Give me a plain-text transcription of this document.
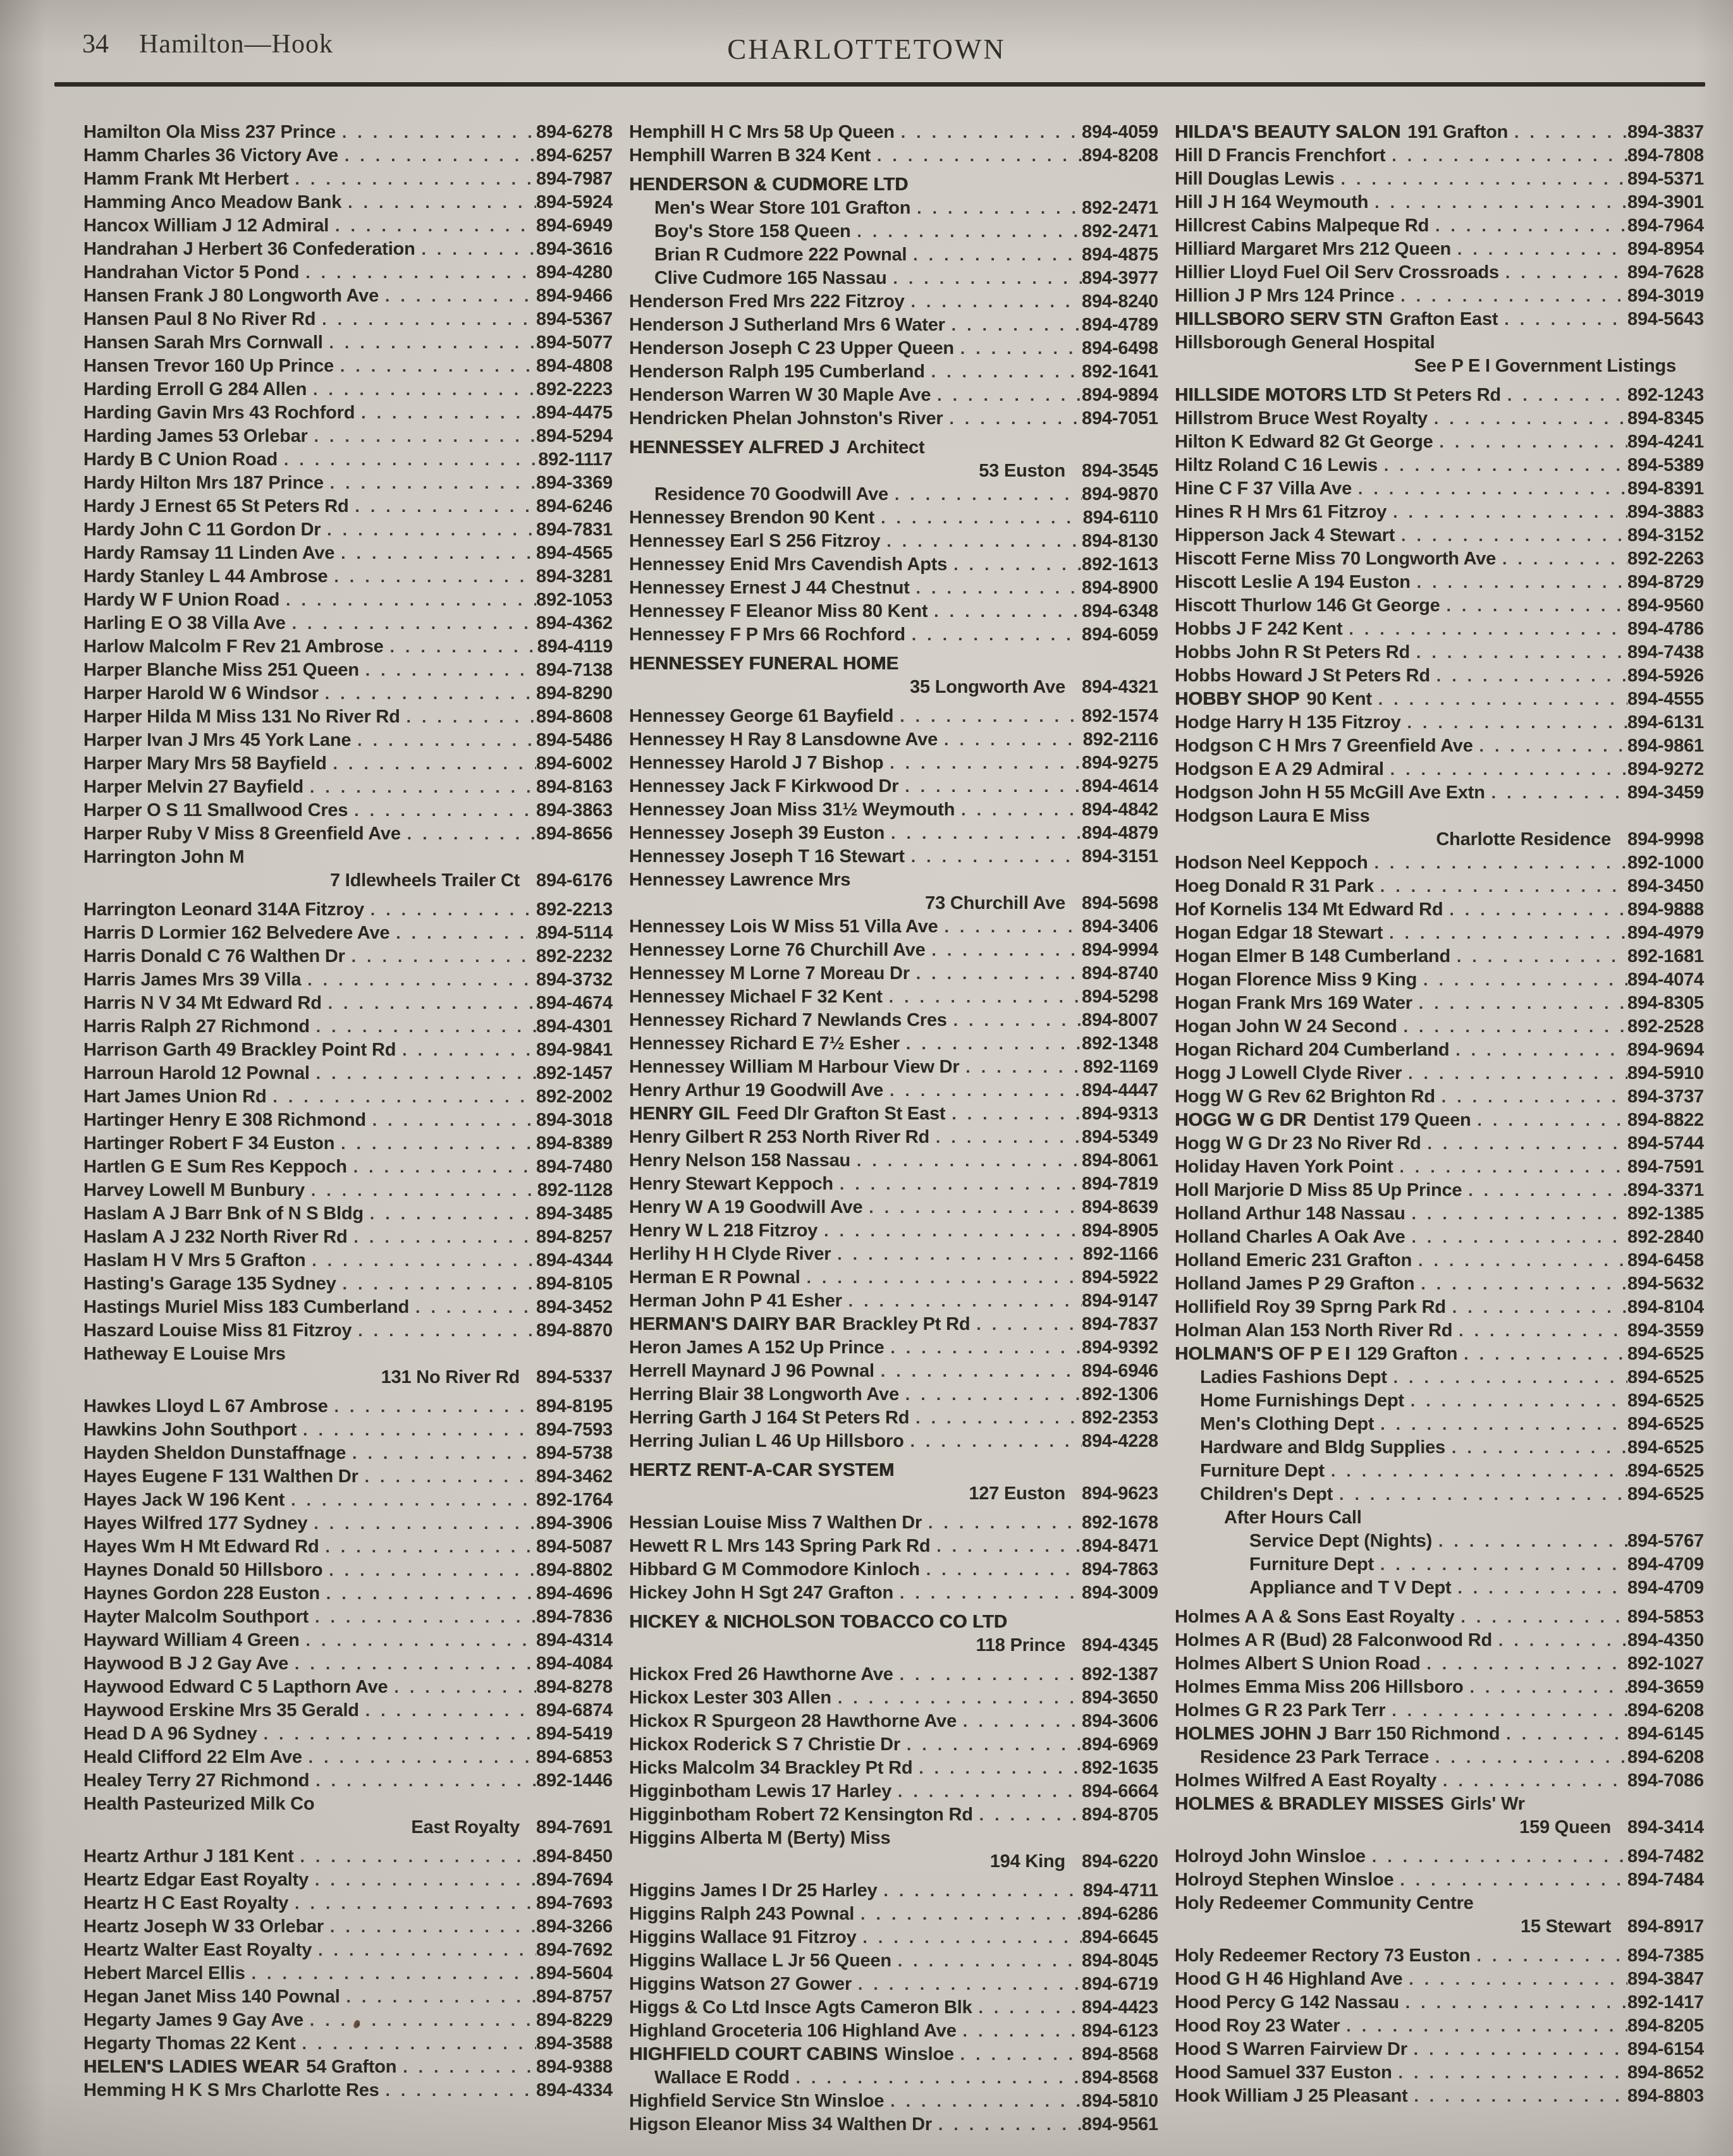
34 Hamilton—Hook	CHARLOTTETOWN
Hamilton Ola Miss 237 Prince . . .	894-6278
Hamm Charles 36 Victory Ave . . .	894-6257
Hamm Frank Mt Herbert . . .	894-7987
Hamming Anco Meadow Bank . . .	894-5924
Hancox William J 12 Admiral . . .	894-6949
Handrahan J Herbert 36 Confederation . . .	894-3616
Handrahan Victor 5 Pond . . .	894-4280
Hansen Frank J 80 Longworth Ave . . .	894-9466
Hansen Paul 8 No River Rd . . .	894-5367
Hansen Sarah Mrs Cornwall . . .	894-5077
Hansen Trevor 160 Up Prince . . .	894-4808
Harding Erroll G 284 Allen . . .	892-2223
Harding Gavin Mrs 43 Rochford . . .	894-4475
Harding James 53 Orlebar . . .	894-5294
Hardy B C Union Road . . .	892-1117
Hardy Hilton Mrs 187 Prince . . .	894-3369
Hardy J Ernest 65 St Peters Rd . . .	894-6246
Hardy John C 11 Gordon Dr . . .	894-7831
Hardy Ramsay 11 Linden Ave . . .	894-4565
Hardy Stanley L 44 Ambrose . . .	894-3281
Hardy W F Union Road . . .	892-1053
Harling E O 38 Villa Ave . . .	894-4362
Harlow Malcolm F Rev 21 Ambrose . . .	894-4119
Harper Blanche Miss 251 Queen . . .	894-7138
Harper Harold W 6 Windsor . . .	894-8290
Harper Hilda M Miss 131 No River Rd . . .	894-8608
Harper Ivan J Mrs 45 York Lane . . .	894-5486
Harper Mary Mrs 58 Bayfield . . .	894-6002
Harper Melvin 27 Bayfield . . .	894-8163
Harper O S 11 Smallwood Cres . . .	894-3863
Harper Ruby V Miss 8 Greenfield Ave . . .	894-8656
Harrington John M
7 Idlewheels Trailer Ct 894-6176
Harrington Leonard 314A Fitzroy . . .	892-2213
Harris D Lormier 162 Belvedere Ave . . .	894-5114
Harris Donald C 76 Walthen Dr . . .	892-2232
Harris James Mrs 39 Villa . . .	894-3732
Harris N V 34 Mt Edward Rd . . .	894-4674
Harris Ralph 27 Richmond . . .	894-4301
Harrison Garth 49 Brackley Point Rd . . .	894-9841
Harroun Harold 12 Pownal . . .	892-1457
Hart James Union Rd . . .	892-2002
Hartinger Henry E 308 Richmond . . .	894-3018
Hartinger Robert F 34 Euston . . .	894-8389
Hartlen G E Sum Res Keppoch . . .	894-7480
Harvey Lowell M Bunbury . . .	892-1128
Haslam A J Barr Bnk of N S Bldg . . .	894-3485
Haslam A J 232 North River Rd . . .	894-8257
Haslam H V Mrs 5 Grafton . . .	894-4344
Hasting's Garage 135 Sydney . . .	894-8105
Hastings Muriel Miss 183 Cumberland . . .	894-3452
Haszard Louise Miss 81 Fitzroy . . .	894-8870
Hatheway E Louise Mrs
131 No River Rd 894-5337
Hawkes Lloyd L 67 Ambrose . . .	894-8195
Hawkins John Southport . . .	894-7593
Hayden Sheldon Dunstaffnage . . .	894-5738
Hayes Eugene F 131 Walthen Dr . . .	894-3462
Hayes Jack W 196 Kent . . .	892-1764
Hayes Wilfred 177 Sydney . . .	894-3906
Hayes Wm H Mt Edward Rd . . .	894-5087
Haynes Donald 50 Hillsboro . . .	894-8802
Haynes Gordon 228 Euston . . .	894-4696
Hayter Malcolm Southport . . .	894-7836
Hayward William 4 Green . . .	894-4314
Haywood B J 2 Gay Ave . . .	894-4084
Haywood Edward C 5 Lapthorn Ave . . .	894-8278
Haywood Erskine Mrs 35 Gerald . . .	894-6874
Head D A 96 Sydney . . .	894-5419
Heald Clifford 22 Elm Ave . . .	894-6853
Healey Terry 27 Richmond . . .	892-1446
Health Pasteurized Milk Co
East Royalty 894-7691
Heartz Arthur J 181 Kent . . .	894-8450
Heartz Edgar East Royalty . . .	894-7694
Heartz H C East Royalty . . .	894-7693
Heartz Joseph W 33 Orlebar . . .	894-3266
Heartz Walter East Royalty . . .	894-7692
Hebert Marcel Ellis . . .	894-5604
Hegan Janet Miss 140 Pownal . . .	894-8757
Hegarty James 9 Gay Ave . . .	894-8229
Hegarty Thomas 22 Kent . . .	894-3588
HELEN'S LADIES WEAR 54 Grafton . . .	894-9388
Hemming H K S Mrs Charlotte Res . . .	894-4334
Hemphill H C Mrs 58 Up Queen . . .	894-4059
Hemphill Warren B 324 Kent . . .	894-8208
HENDERSON & CUDMORE LTD
Men's Wear Store 101 Grafton . . .	892-2471
Boy's Store 158 Queen . . .	892-2471
Brian R Cudmore 222 Pownal . . .	894-4875
Clive Cudmore 165 Nassau . . .	894-3977
Henderson Fred Mrs 222 Fitzroy . . .	894-8240
Henderson J Sutherland Mrs 6 Water . . .	894-4789
Henderson Joseph C 23 Upper Queen . . .	894-6498
Henderson Ralph 195 Cumberland . . .	892-1641
Henderson Warren W 30 Maple Ave . . .	894-9894
Hendricken Phelan Johnston's River . . .	894-7051
HENNESSEY ALFRED J Architect
53 Euston 894-3545
Residence 70 Goodwill Ave . . .	894-9870
Hennessey Brendon 90 Kent . . .	894-6110
Hennessey Earl S 256 Fitzroy . . .	894-8130
Hennessey Enid Mrs Cavendish Apts . . .	892-1613
Hennessey Ernest J 44 Chestnut . . .	894-8900
Hennessey F Eleanor Miss 80 Kent . . .	894-6348
Hennessey F P Mrs 66 Rochford . . .	894-6059
HENNESSEY FUNERAL HOME
35 Longworth Ave 894-4321
Hennessey George 61 Bayfield . . .	892-1574
Hennessey H Ray 8 Lansdowne Ave . . .	892-2116
Hennessey Harold J 7 Bishop . . .	894-9275
Hennessey Jack F Kirkwood Dr . . .	894-4614
Hennessey Joan Miss 31½ Weymouth . . .	894-4842
Hennessey Joseph 39 Euston . . .	894-4879
Hennessey Joseph T 16 Stewart . . .	894-3151
Hennessey Lawrence Mrs
73 Churchill Ave 894-5698
Hennessey Lois W Miss 51 Villa Ave . . .	894-3406
Hennessey Lorne 76 Churchill Ave . . .	894-9994
Hennessey M Lorne 7 Moreau Dr . . .	894-8740
Hennessey Michael F 32 Kent . . .	894-5298
Hennessey Richard 7 Newlands Cres . . .	894-8007
Hennessey Richard E 7½ Esher . . .	892-1348
Hennessey William M Harbour View Dr . . .	892-1169
Henry Arthur 19 Goodwill Ave . . .	894-4447
HENRY GIL Feed Dlr Grafton St East . . .	894-9313
Henry Gilbert R 253 North River Rd . . .	894-5349
Henry Nelson 158 Nassau . . .	894-8061
Henry Stewart Keppoch . . .	894-7819
Henry W A 19 Goodwill Ave . . .	894-8639
Henry W L 218 Fitzroy . . .	894-8905
Herlihy H H Clyde River . . .	892-1166
Herman E R Pownal . . .	894-5922
Herman John P 41 Esher . . .	894-9147
HERMAN'S DAIRY BAR Brackley Pt Rd . . .	894-7837
Heron James A 152 Up Prince . . .	894-9392
Herrell Maynard J 96 Pownal . . .	894-6946
Herring Blair 38 Longworth Ave . . .	892-1306
Herring Garth J 164 St Peters Rd . . .	892-2353
Herring Julian L 46 Up Hillsboro . . .	894-4228
HERTZ RENT-A-CAR SYSTEM
127 Euston 894-9623
Hessian Louise Miss 7 Walthen Dr . . .	892-1678
Hewett R L Mrs 143 Spring Park Rd . . .	894-8471
Hibbard G M Commodore Kinloch . . .	894-7863
Hickey John H Sgt 247 Grafton . . .	894-3009
HICKEY & NICHOLSON TOBACCO CO LTD
118 Prince 894-4345
Hickox Fred 26 Hawthorne Ave . . .	892-1387
Hickox Lester 303 Allen . . .	894-3650
Hickox R Spurgeon 28 Hawthorne Ave . . .	894-3606
Hickox Roderick S 7 Christie Dr . . .	894-6969
Hicks Malcolm 34 Brackley Pt Rd . . .	892-1635
Higginbotham Lewis 17 Harley . . .	894-6664
Higginbotham Robert 72 Kensington Rd . . .	894-8705
Higgins Alberta M (Berty) Miss
194 King 894-6220
Higgins James I Dr 25 Harley . . .	894-4711
Higgins Ralph 243 Pownal . . .	894-6286
Higgins Wallace 91 Fitzroy . . .	894-6645
Higgins Wallace L Jr 56 Queen . . .	894-8045
Higgins Watson 27 Gower . . .	894-6719
Higgs & Co Ltd Insce Agts Cameron Blk . . .	894-4423
Highland Groceteria 106 Highland Ave . . .	894-6123
HIGHFIELD COURT CABINS Winsloe . . .	894-8568
Wallace E Rodd . . .	894-8568
Highfield Service Stn Winsloe . . .	894-5810
Higson Eleanor Miss 34 Walthen Dr . . .	894-9561
HILDA'S BEAUTY SALON 191 Grafton . . .	894-3837
Hill D Francis Frenchfort . . .	894-7808
Hill Douglas Lewis . . .	894-5371
Hill J H 164 Weymouth . . .	894-3901
Hillcrest Cabins Malpeque Rd . . .	894-7964
Hilliard Margaret Mrs 212 Queen . . .	894-8954
Hillier Lloyd Fuel Oil Serv Crossroads . . .	894-7628
Hillion J P Mrs 124 Prince . . .	894-3019
HILLSBORO SERV STN Grafton East . . .	894-5643
Hillsborough General Hospital
See P E I Government Listings
HILLSIDE MOTORS LTD St Peters Rd . . .	892-1243
Hillstrom Bruce West Royalty . . .	894-8345
Hilton K Edward 82 Gt George . . .	894-4241
Hiltz Roland C 16 Lewis . . .	894-5389
Hine C F 37 Villa Ave . . .	894-8391
Hines R H Mrs 61 Fitzroy . . .	894-3883
Hipperson Jack 4 Stewart . . .	894-3152
Hiscott Ferne Miss 70 Longworth Ave . . .	892-2263
Hiscott Leslie A 194 Euston . . .	894-8729
Hiscott Thurlow 146 Gt George . . .	894-9560
Hobbs J F 242 Kent . . .	894-4786
Hobbs John R St Peters Rd . . .	894-7438
Hobbs Howard J St Peters Rd . . .	894-5926
HOBBY SHOP 90 Kent . . .	894-4555
Hodge Harry H 135 Fitzroy . . .	894-6131
Hodgson C H Mrs 7 Greenfield Ave . . .	894-9861
Hodgson E A 29 Admiral . . .	894-9272
Hodgson John H 55 McGill Ave Extn . . .	894-3459
Hodgson Laura E Miss
Charlotte Residence 894-9998
Hodson Neel Keppoch . . .	892-1000
Hoeg Donald R 31 Park . . .	894-3450
Hof Kornelis 134 Mt Edward Rd . . .	894-9888
Hogan Edgar 18 Stewart . . .	894-4979
Hogan Elmer B 148 Cumberland . . .	892-1681
Hogan Florence Miss 9 King . . .	894-4074
Hogan Frank Mrs 169 Water . . .	894-8305
Hogan John W 24 Second . . .	892-2528
Hogan Richard 204 Cumberland . . .	894-9694
Hogg J Lowell Clyde River . . .	894-5910
Hogg W G Rev 62 Brighton Rd . . .	894-3737
HOGG W G DR Dentist 179 Queen . . .	894-8822
Hogg W G Dr 23 No River Rd . . .	894-5744
Holiday Haven York Point . . .	894-7591
Holl Marjorie D Miss 85 Up Prince . . .	894-3371
Holland Arthur 148 Nassau . . .	892-1385
Holland Charles A Oak Ave . . .	892-2840
Holland Emeric 231 Grafton . . .	894-6458
Holland James P 29 Grafton . . .	894-5632
Hollifield Roy 39 Sprng Park Rd . . .	894-8104
Holman Alan 153 North River Rd . . .	894-3559
HOLMAN'S OF P E I 129 Grafton . . .	894-6525
Ladies Fashions Dept . . .	894-6525
Home Furnishings Dept . . .	894-6525
Men's Clothing Dept . . .	894-6525
Hardware and Bldg Supplies . . .	894-6525
Furniture Dept . . .	894-6525
Children's Dept . . .	894-6525
After Hours Call
Service Dept (Nights) . . .	894-5767
Furniture Dept . . .	894-4709
Appliance and T V Dept . . .	894-4709
Holmes A A & Sons East Royalty . . .	894-5853
Holmes A R (Bud) 28 Falconwood Rd . . .	894-4350
Holmes Albert S Union Road . . .	892-1027
Holmes Emma Miss 206 Hillsboro . . .	894-3659
Holmes G R 23 Park Terr . . .	894-6208
HOLMES JOHN J Barr 150 Richmond . . .	894-6145
Residence 23 Park Terrace . . .	894-6208
Holmes Wilfred A East Royalty . . .	894-7086
HOLMES & BRADLEY MISSES Girls' Wr
159 Queen 894-3414
Holroyd John Winsloe . . .	894-7482
Holroyd Stephen Winsloe . . .	894-7484
Holy Redeemer Community Centre
15 Stewart 894-8917
Holy Redeemer Rectory 73 Euston . . .	894-7385
Hood G H 46 Highland Ave . . .	894-3847
Hood Percy G 142 Nassau . . .	892-1417
Hood Roy 23 Water . . .	894-8205
Hood S Warren Fairview Dr . . .	894-6154
Hood Samuel 337 Euston . . .	894-8652
Hook William J 25 Pleasant . . .	894-8803
